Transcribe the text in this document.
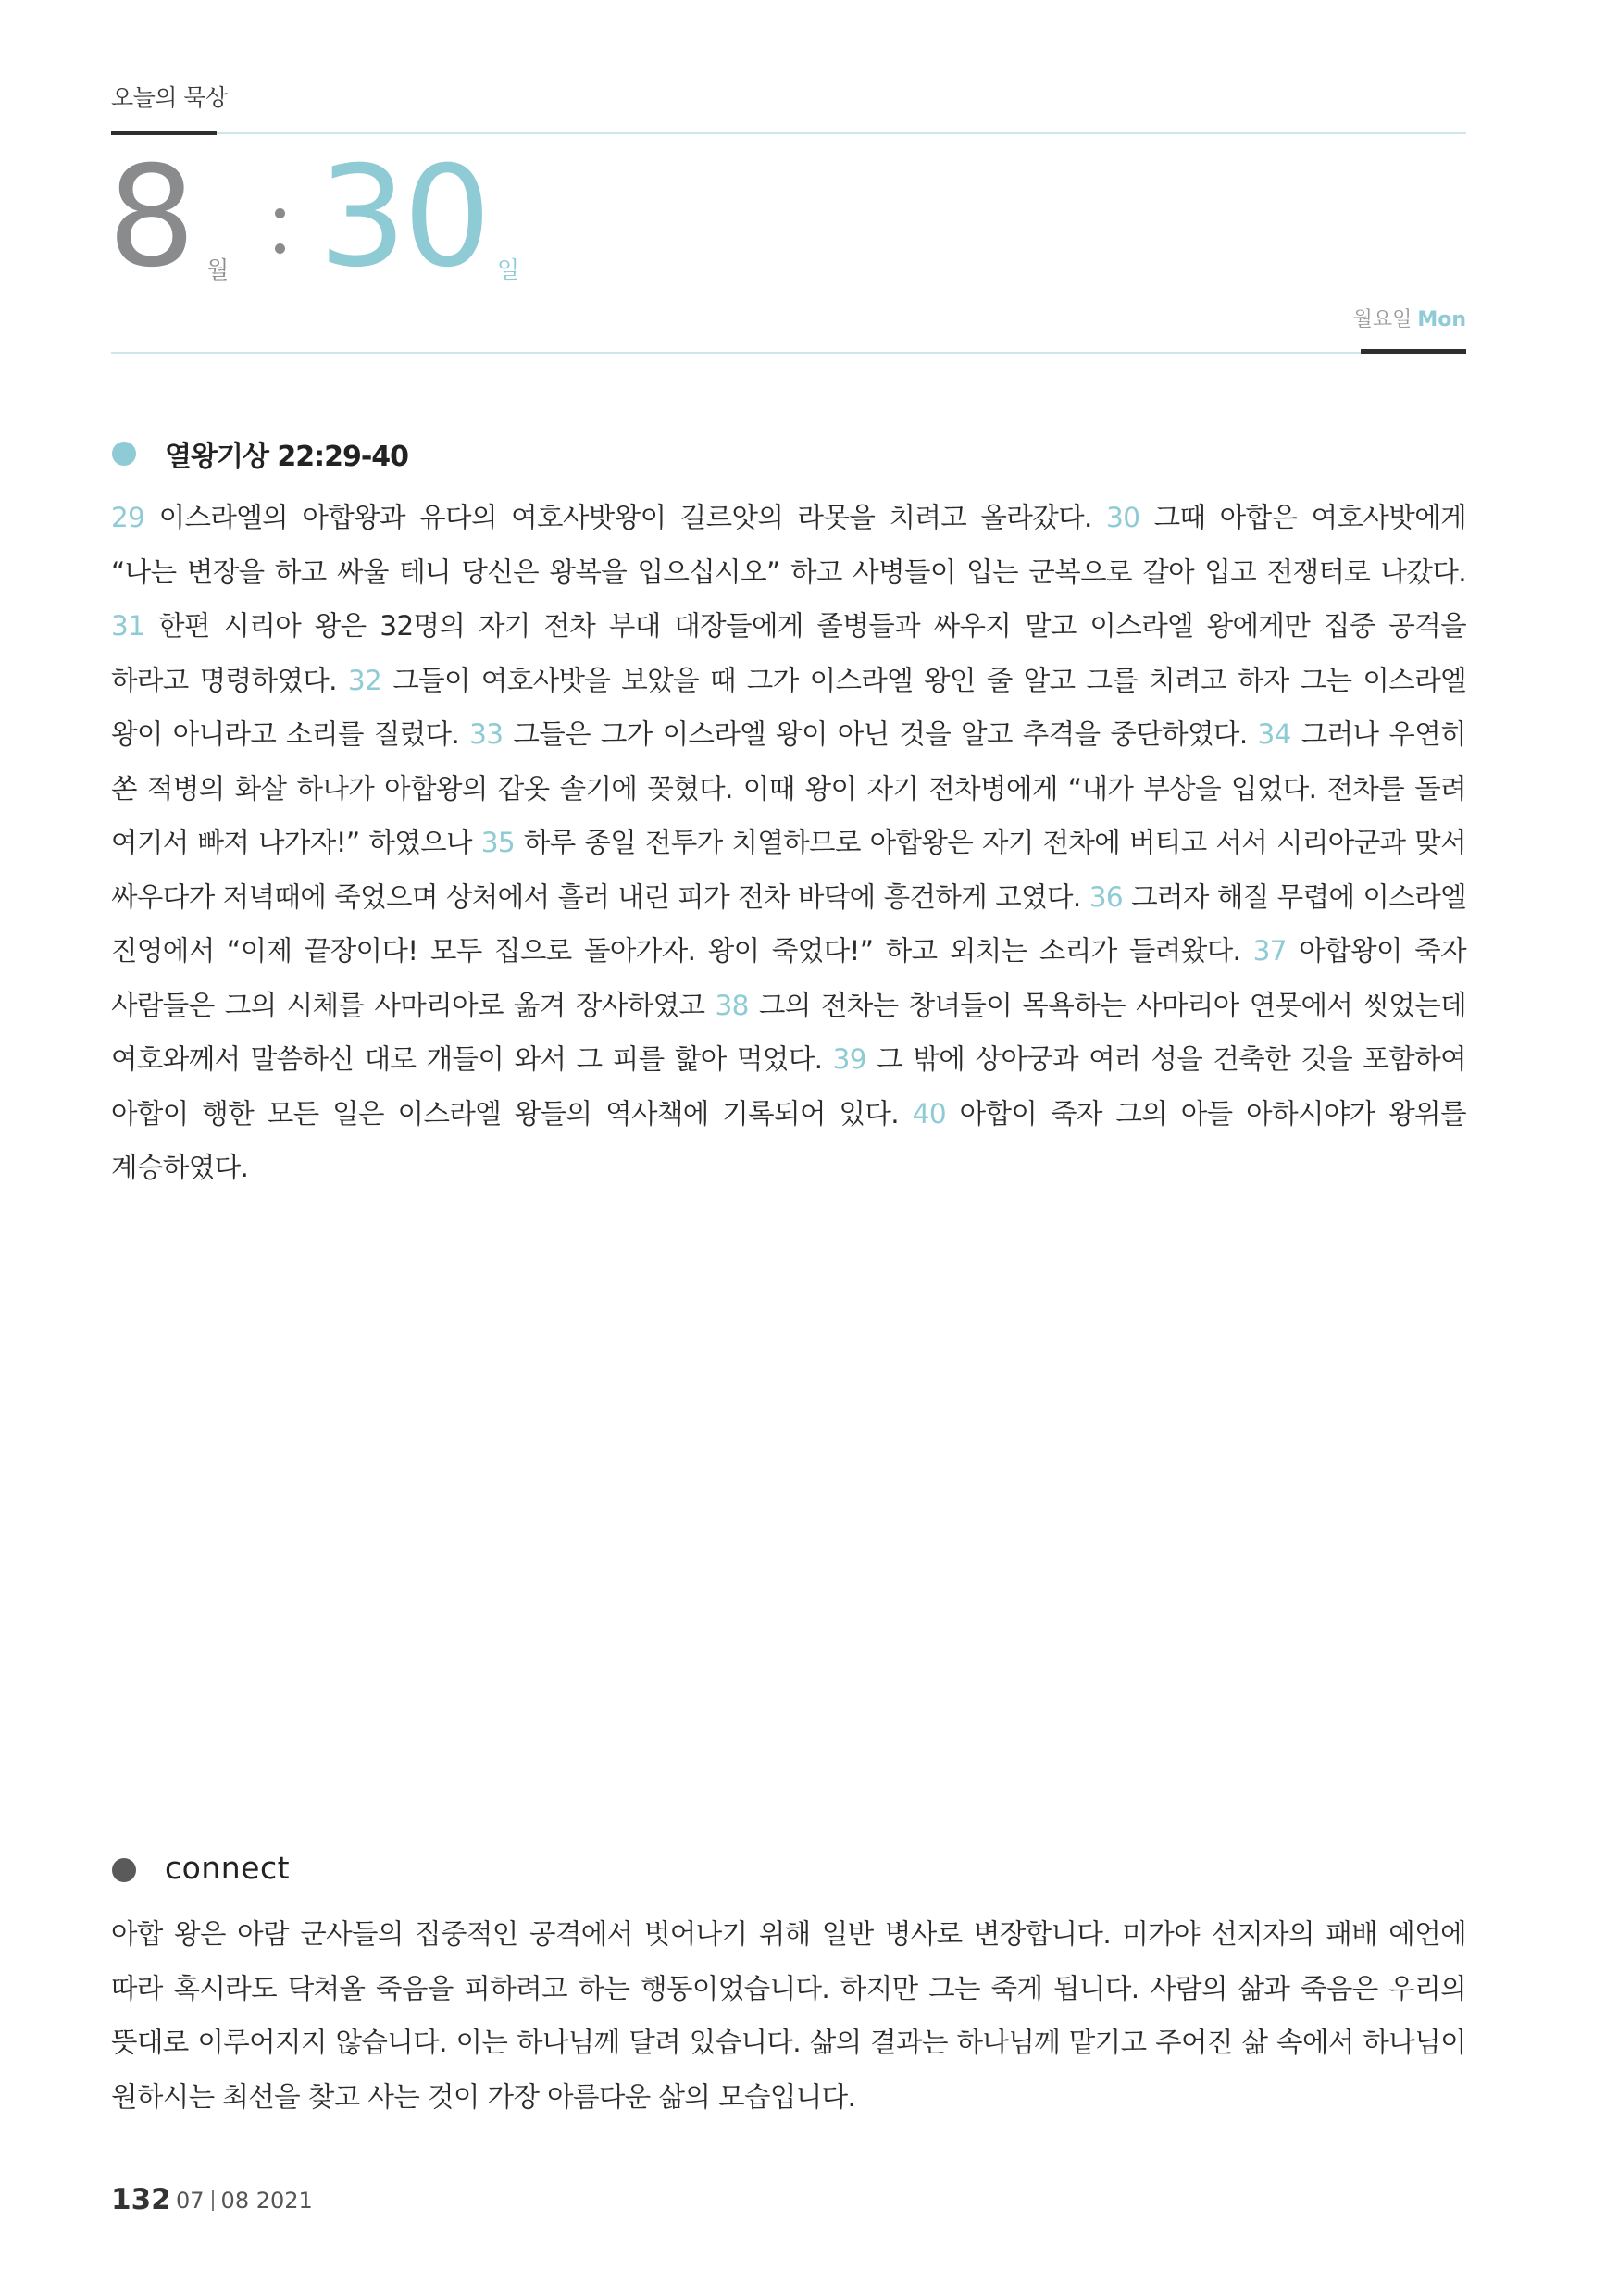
오늘의 묵상
8 월 30 일
월요일 Mon
열왕기상 22:29-40
29 이스라엘의 아합왕과 유다의 여호사밧왕이 길르앗의 라못을 치려고 올라갔다. 30 그때 아합은 여호사밧에게 “나는 변장을 하고 싸울 테니 당신은 왕복을 입으십시오” 하고 사병들이 입는 군복으로 갈아 입고 전쟁터로 나갔다. 31 한편 시리아 왕은 32명의 자기 전차 부대 대장들에게 졸병들과 싸우지 말고 이스라엘 왕에게만 집중 공격을 하라고 명령하였다. 32 그들이 여호사밧을 보았을 때 그가 이스라엘 왕인 줄 알고 그를 치려고 하자 그는 이스라엘 왕이 아니라고 소리를 질렀다. 33 그들은 그가 이스라엘 왕이 아닌 것을 알고 추격을 중단하였다. 34 그러나 우연히 쏜 적병의 화살 하나가 아합왕의 갑옷 솔기에 꽂혔다. 이때 왕이 자기 전차병에게 “내가 부상을 입었다. 전차를 돌려 여기서 빠져 나가자!” 하였으나 35 하루 종일 전투가 치열하므로 아합왕은 자기 전차에 버티고 서서 시리아군과 맞서 싸우다가 저녁때에 죽었으며 상처에서 흘러 내린 피가 전차 바닥에 흥건하게 고였다. 36 그러자 해질 무렵에 이스라엘 진영에서 “이제 끝장이다! 모두 집으로 돌아가자. 왕이 죽었다!” 하고 외치는 소리가 들려왔다. 37 아합왕이 죽자 사람들은 그의 시체를 사마리아로 옮겨 장사하였고 38 그의 전차는 창녀들이 목욕하는 사마리아 연못에서 씻었는데 여호와께서 말씀하신 대로 개들이 와서 그 피를 핥아 먹었다. 39 그 밖에 상아궁과 여러 성을 건축한 것을 포함하여 아합이 행한 모든 일은 이스라엘 왕들의 역사책에 기록되어 있다. 40 아합이 죽자 그의 아들 아하시야가 왕위를 계승하였다.
connect
아합 왕은 아람 군사들의 집중적인 공격에서 벗어나기 위해 일반 병사로 변장합니다. 미가야 선지자의 패배 예언에 따라 혹시라도 닥쳐올 죽음을 피하려고 하는 행동이었습니다. 하지만 그는 죽게 됩니다. 사람의 삶과 죽음은 우리의 뜻대로 이루어지지 않습니다. 이는 하나님께 달려 있습니다. 삶의 결과는 하나님께 맡기고 주어진 삶 속에서 하나님이 원하시는 최선을 찾고 사는 것이 가장 아름다운 삶의 모습입니다.
132 07 08 2021
